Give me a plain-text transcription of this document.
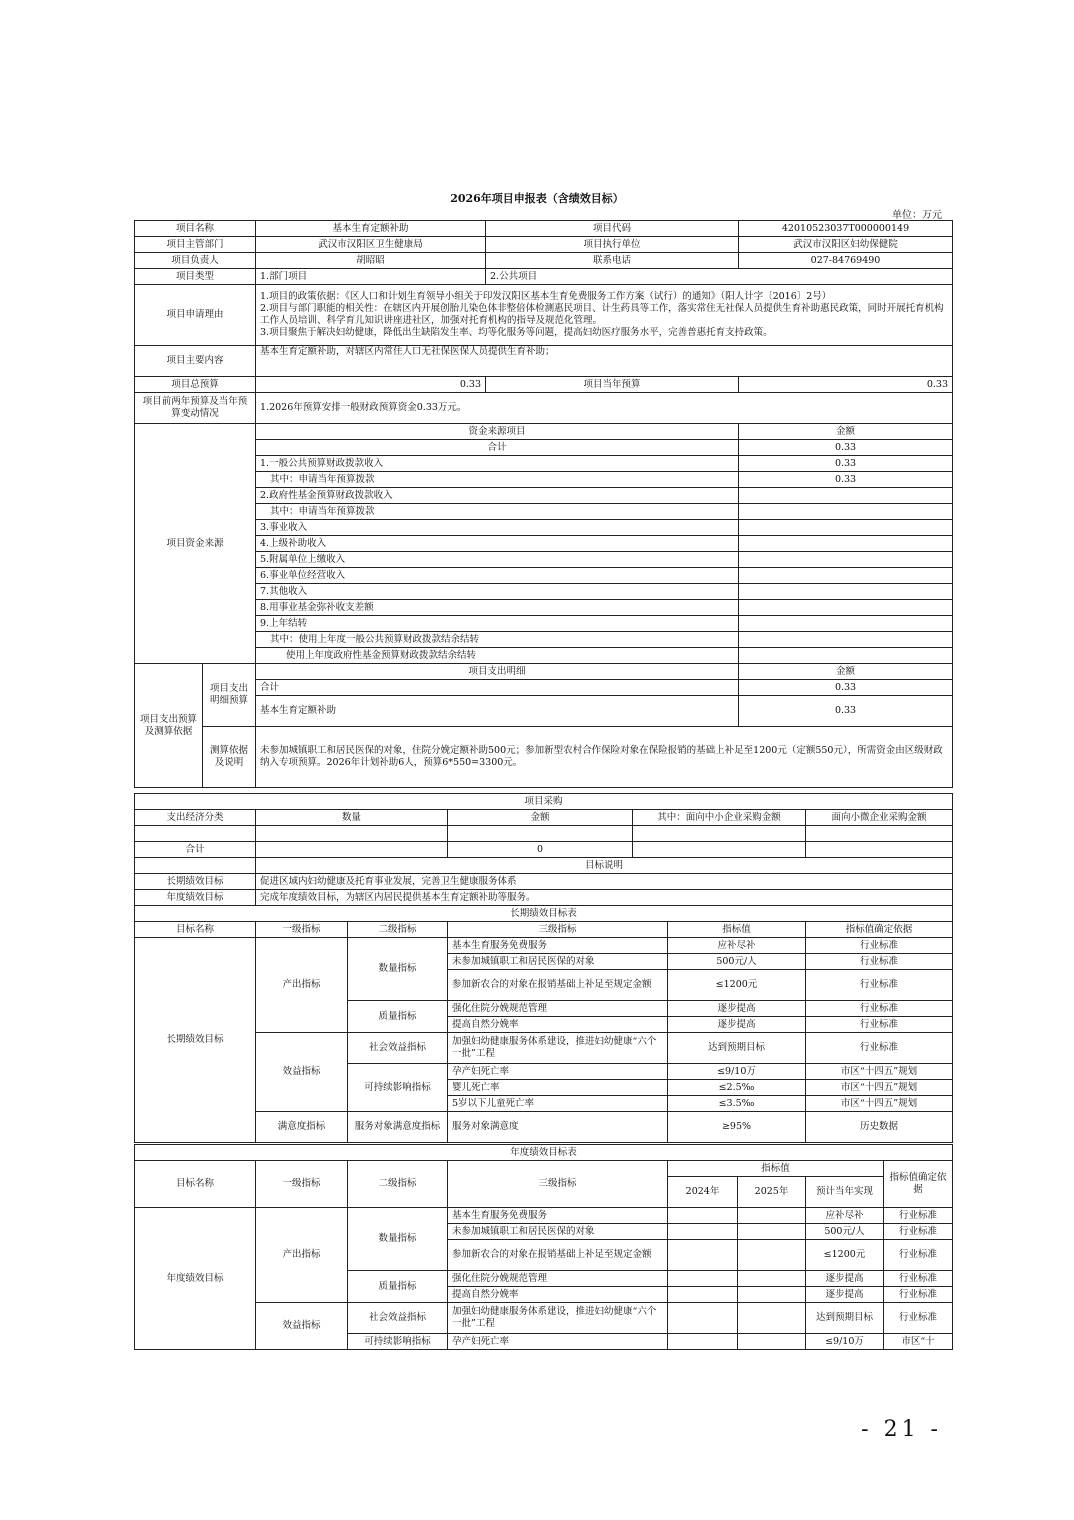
2026年项目申报表（含绩效目标）
单位：万元
项目名称		基本生育定额补助	项目代码	42010523037T000000149
项目主管部门		武汉市汉阳区卫生健康局	项目执行单位	武汉市汉阳区妇幼保健院
项目负责人		胡昭昭	联系电话	027-84769490
项目类型		1.部门项目	2.公共项目	
项目申请理由		1.项目的政策依据：《区人口和计划生育领导小组关于印发汉阳区基本生育免费服务工作方案（试行）的通知》（阳人计字〔2016〕2号）
2.项目与部门职能的相关性：在辖区内开展创胎儿染色体非整倍体检测惠民项目、计生药具等工作，落实常住无社保人员提供生育补助惠民政策，同时开展托育机构工作人员培训、科学育儿知识讲座进社区，加强对托育机构的指导及规范化管理。
3.项目聚焦于解决妇幼健康，降低出生缺陷发生率、均等化服务等问题，提高妇幼医疗服务水平，完善普惠托育支持政策。		

项目主要内容		基本生育定额补助，对辖区内常住人口无社保医保人员提供生育补助；		
项目总预算		0.33	项目当年预算	0.33
项目前两年预算及当年预算变动情况		1.2026年预算安排一般财政预算资金0.33万元。		
项目资金来源		资金来源项目		金额
		合计		0.33
		1.一般公共预算财政拨款收入		0.33
		其中：申请当年预算拨款		0.33
		2.政府性基金预算财政拨款收入		
		其中：申请当年预算拨款		
		3.事业收入		
		4.上级补助收入		
		5.附属单位上缴收入		
		6.事业单位经营收入		
		7.其他收入		
		8.用事业基金弥补收支差额		
		9.上年结转		
		其中：使用上年度一般公共预算财政拨款结余结转		
		使用上年度政府性基金预算财政拨款结余结转		
项目支出预算及测算依据	项目支出明细预算	项目支出明细		金额
		合计		0.33
		基本生育定额补助		0.33
	测算依据及说明	未参加城镇职工和居民医保的对象，住院分娩定额补助500元；参加新型农村合作保险对象在保险报销的基础上补足至1200元（定额550元），所需资金由区级财政纳入专项预算。2026年计划补助6人，预算6*550=3300元。		
项目采购				
支出经济分类	数量	金额	其中：面向中小企业采购金额	面向小微企业采购金额

合计		0		
	目标说明			
长期绩效目标	促进区域内妇幼健康及托育事业发展，完善卫生健康服务体系			
年度绩效目标	完成年度绩效目标，为辖区内居民提供基本生育定额补助等服务。			
长期绩效目标表					
目标名称	一级指标	二级指标	三级指标	指标值	指标值确定依据
长期绩效目标	产出指标	数量指标	基本生育服务免费服务	应补尽补	行业标准
			未参加城镇职工和居民医保的对象	500元/人	行业标准
			参加新农合的对象在报销基础上补足至规定金额	≤1200元	行业标准
		质量指标	强化住院分娩规范管理	逐步提高	行业标准
			提高自然分娩率	逐步提高	行业标准
	效益指标	社会效益指标	加强妇幼健康服务体系建设，推进妇幼健康“六个一批”工程	达到预期目标	行业标准
		可持续影响指标	孕产妇死亡率	≤9/10万	市区“十四五”规划
			婴儿死亡率	≤2.5‰	市区“十四五”规划
			5岁以下儿童死亡率	≤3.5‰	市区“十四五”规划
	满意度指标	服务对象满意度指标	服务对象满意度	≥95%	历史数据
年度绩效目标表							
目标名称	一级指标	二级指标	三级指标	指标值			指标值确定依据
				2024年	2025年	预计当年实现	
年度绩效目标	产出指标	数量指标	基本生育服务免费服务			应补尽补	行业标准
			未参加城镇职工和居民医保的对象			500元/人	行业标准
			参加新农合的对象在报销基础上补足至规定金额			≤1200元	行业标准
		质量指标	强化住院分娩规范管理			逐步提高	行业标准
			提高自然分娩率			逐步提高	行业标准
	效益指标	社会效益指标	加强妇幼健康服务体系建设，推进妇幼健康“六个一批”工程			达到预期目标	行业标准
		可持续影响指标	孕产妇死亡率			≤9/10万	市区“十
- 21 -
